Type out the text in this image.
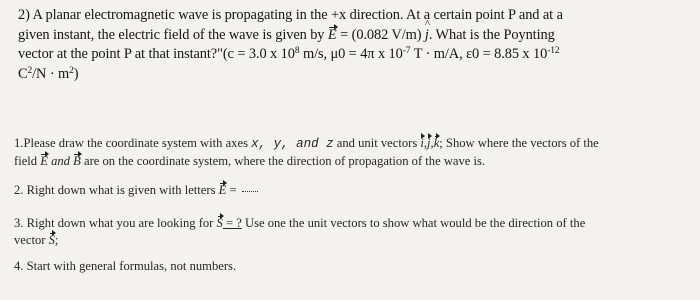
2) A planar electromagnetic wave is propagating in the +x direction. At a certain point P and at a
given instant, the electric field of the wave is given by E = (0.082 V/m) ^ j. What is the Poynting
vector at the point P at that instant?"(c = 3.0 x $10^8$ m/s, μ0 = 4π x $10^{-7}$ T · m/A, ε0 = 8.85 x $10^{-12}$
$C^2/N \cdot m^2$)
1.Please draw the coordinate system with axes x, y, and z and unit vectors i,j,k; Show where the vectors of the
field E and B are on the coordinate system, where the direction of propagation of the wave is.
2. Right down what is given with letters E =
3. Right down what you are looking for S = ? Use one the unit vectors to show what would be the direction of the
vector S;
4. Start with general formulas, not numbers.
